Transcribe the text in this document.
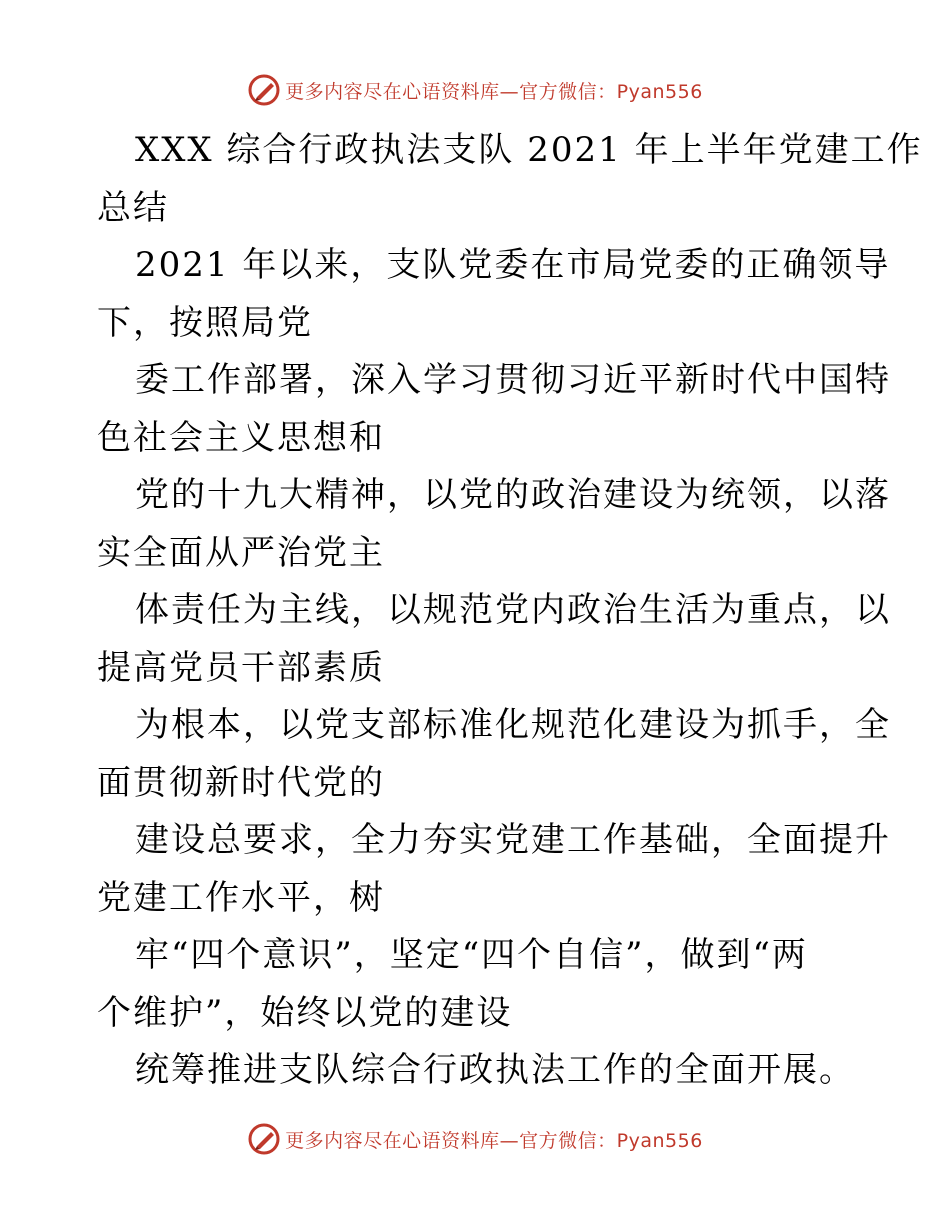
更多内容尽在心语资料库—官方微信：Pyan556
XXX 综合行政执法支队 2021 年上半年党建工作
总结
2021 年以来，支队党委在市局党委的正确领导
下，按照局党
委工作部署，深入学习贯彻习近平新时代中国特
色社会主义思想和
党的十九大精神，以党的政治建设为统领，以落
实全面从严治党主
体责任为主线，以规范党内政治生活为重点，以
提高党员干部素质
为根本，以党支部标准化规范化建设为抓手，全
面贯彻新时代党的
建设总要求，全力夯实党建工作基础，全面提升
党建工作水平，树
牢“四个意识”，坚定“四个自信”，做到“两
个维护”，始终以党的建设
统筹推进支队综合行政执法工作的全面开展。
更多内容尽在心语资料库—官方微信：Pyan556
